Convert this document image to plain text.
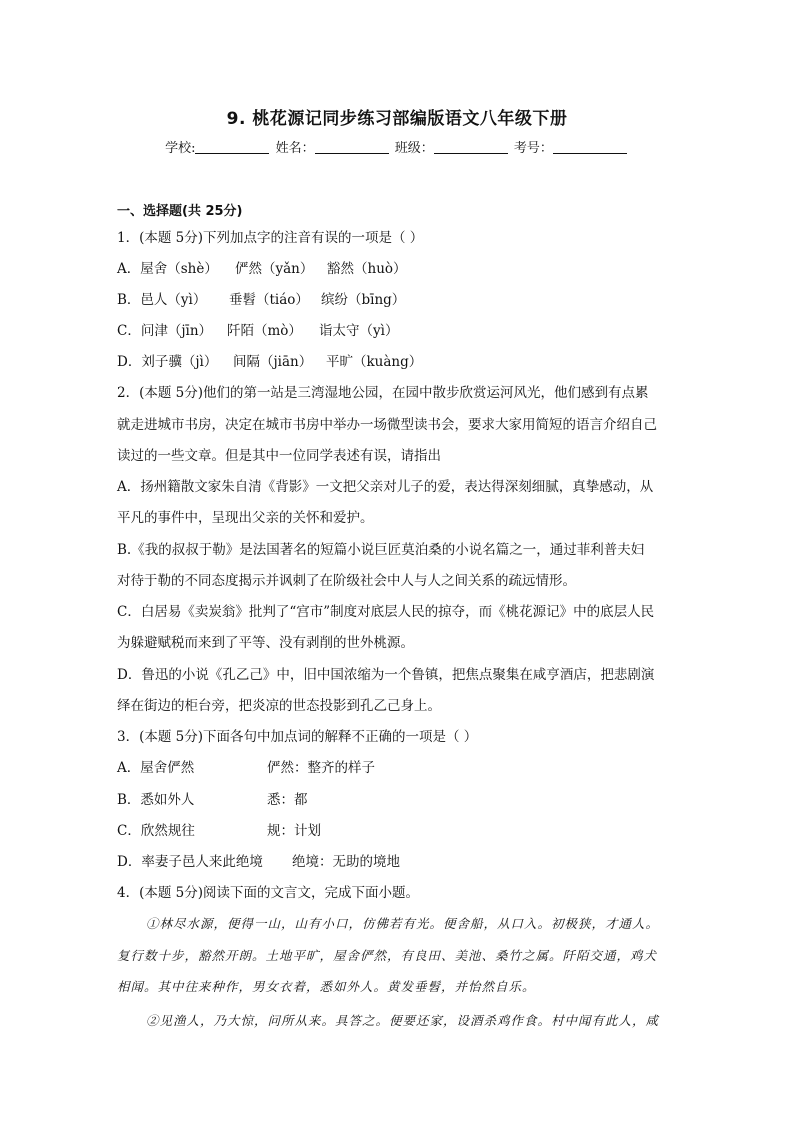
9. 桃花源记同步练习部编版语文八年级下册
学校:	姓名：	班级：	考号：
一、选择题(共 25分)
1．(本题 5分)下列加点字的注音有误的一项是（ ）
A．屋舍（shè） 俨然（yǎn） 豁然（huò）
B．邑人（yì） 垂髫（tiáo） 缤纷（bīng）
C．问津（jīn） 阡陌（mò） 诣太守（yì）
D．刘子骥（jì） 间隔（jiān） 平旷（kuàng）
2．(本题 5分)他们的第一站是三湾湿地公园，在园中散步欣赏运河风光，他们感到有点累
就走进城市书房，决定在城市书房中举办一场微型读书会，要求大家用简短的语言介绍自己
读过的一些文章。但是其中一位同学表述有误，请指出
A．扬州籍散文家朱自清《背影》一文把父亲对儿子的爱，表达得深刻细腻，真挚感动，从
平凡的事件中，呈现出父亲的关怀和爱护。
B.《我的叔叔于勒》是法国著名的短篇小说巨匠莫泊桑的小说名篇之一，通过菲利普夫妇
对待于勒的不同态度揭示并讽刺了在阶级社会中人与人之间关系的疏远情形。
C．白居易《卖炭翁》批判了“宫市”制度对底层人民的掠夺，而《桃花源记》中的底层人民
为躲避赋税而来到了平等、没有剥削的世外桃源。
D．鲁迅的小说《孔乙己》中，旧中国浓缩为一个鲁镇，把焦点聚集在咸亨酒店，把悲剧演
绎在街边的柜台旁，把炎凉的世态投影到孔乙己身上。
3．(本题 5分)下面各句中加点词的解释不正确的一项是（ ）
A．屋舍俨然	俨然：整齐的样子
B．悉如外人	悉：都
C．欣然规往	规：计划
D．率妻子邑人来此绝境 绝境：无助的境地
4．(本题 5分)阅读下面的文言文，完成下面小题。
①林尽水源，便得一山，山有小口，仿佛若有光。便舍船，从口入。初极狭，才通人。
复行数十步，豁然开朗。土地平旷，屋舍俨然，有良田、美池、桑竹之属。阡陌交通，鸡犬
相闻。其中往来种作，男女衣着，悉如外人。黄发垂髫，并怡然自乐。
②见渔人，乃大惊，问所从来。具答之。便要还家，设酒杀鸡作食。村中闻有此人，咸
